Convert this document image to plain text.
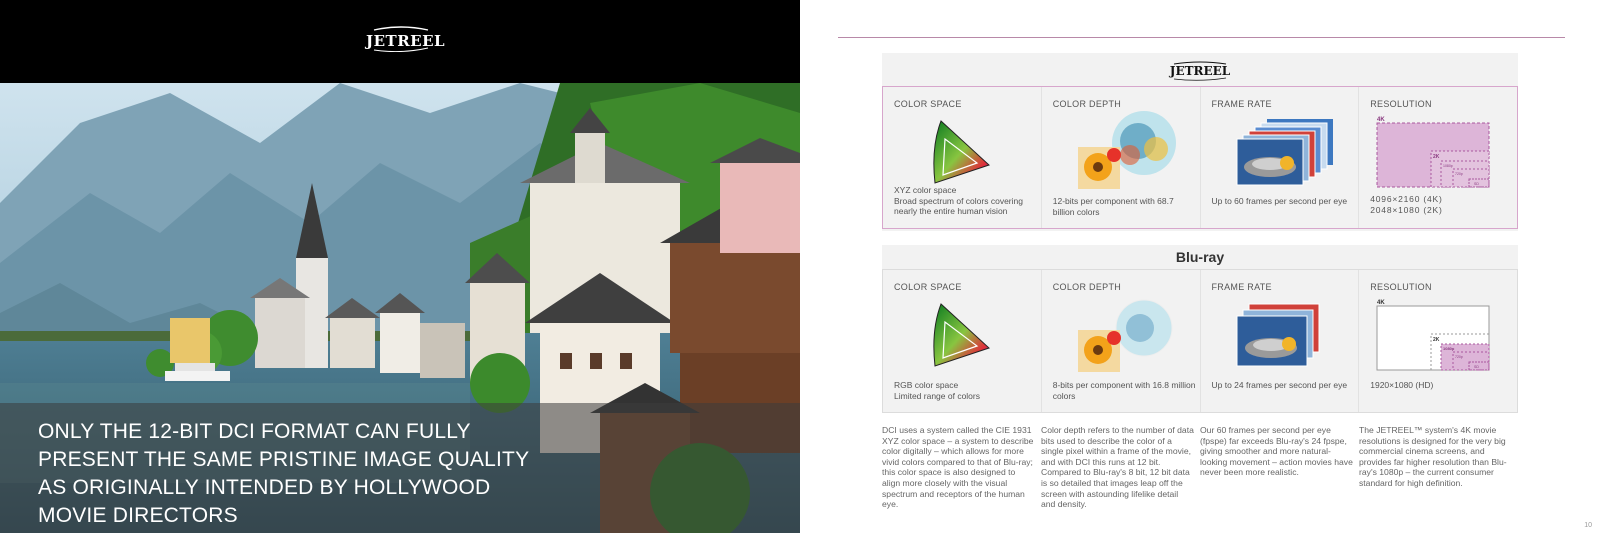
JETREEL
ONLY THE 12-BIT DCI FORMAT CAN FULLY PRESENT THE SAME PRISTINE IMAGE QUALITY AS ORIGINALLY INTENDED BY HOLLYWOOD MOVIE DIRECTORS
JETREEL
COLOR SPACE
XYZ color space
Broad spectrum of colors covering nearly the entire human vision
COLOR DEPTH
12-bits per component with 68.7 billion colors
FRAME RATE
Up to 60 frames per second per eye
RESOLUTION
4K
2K
1080p
720p
SD
4096×2160 (4K)
2048×1080 (2K)
Blu-ray
COLOR SPACE
RGB color space
Limited range of colors
COLOR DEPTH
8-bits per component with 16.8 million colors
FRAME RATE
Up to 24 frames per second per eye
RESOLUTION
4K
2K
1080p
720p
SD
1920×1080 (HD)
DCI uses a system called the CIE 1931 XYZ color space – a system to describe color digitally – which allows for more vivid colors compared to that of Blu-ray; this color space is also designed to align more closely with the visual spectrum and receptors of the human eye.
Color depth refers to the number of data bits used to describe the color of a single pixel within a frame of the movie, and with DCI this runs at 12 bit. Compared to Blu-ray's 8 bit, 12 bit data is so detailed that images leap off the screen with astounding lifelike detail and density.
Our 60 frames per second per eye (fpspe) far exceeds Blu-ray's 24 fpspe, giving smoother and more natural-looking movement – action movies have never been more realistic.
The JETREEL™ system's 4K movie resolutions is designed for the very big commercial cinema screens, and provides far higher resolution than Blu-ray's 1080p – the current consumer standard for high definition.
10
